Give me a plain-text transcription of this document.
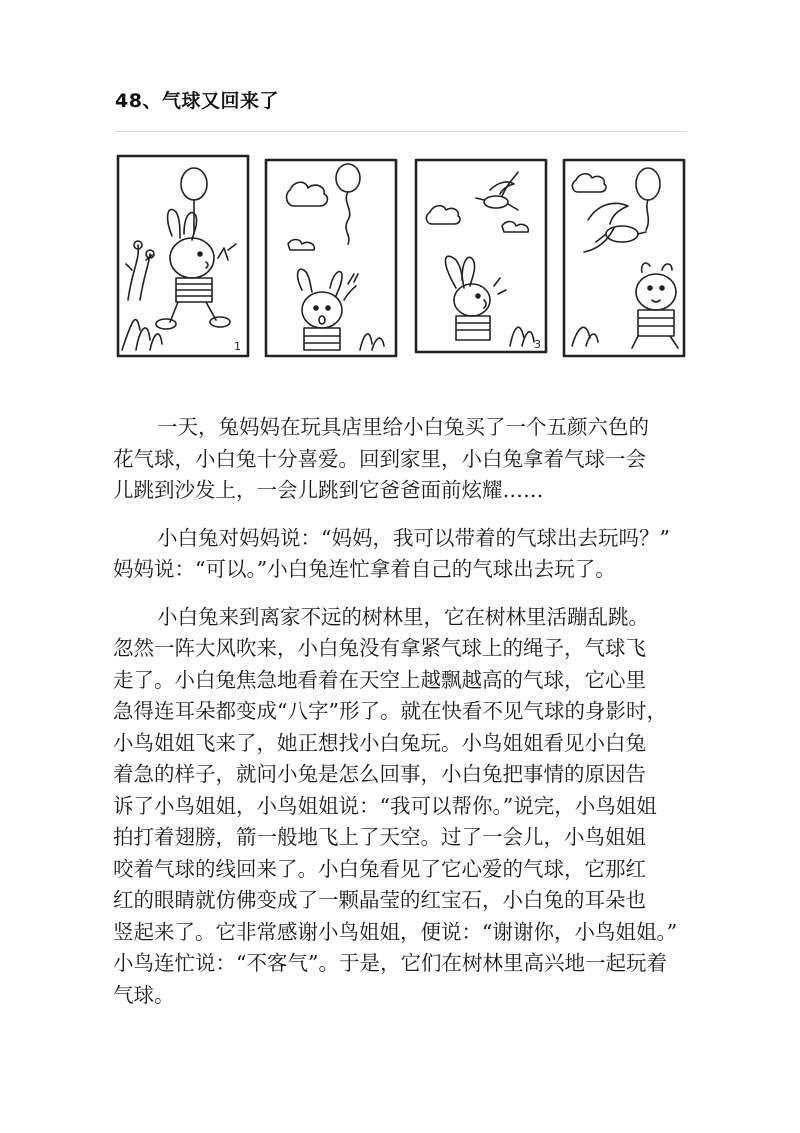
48、气球又回来了
1	3

一天，兔妈妈在玩具店里给小白兔买了一个五颜六色的
花气球，小白兔十分喜爱。回到家里，小白兔拿着气球一会
儿跳到沙发上，一会儿跳到它爸爸面前炫耀……

小白兔对妈妈说：“妈妈，我可以带着的气球出去玩吗？”
妈妈说：“可以。”小白兔连忙拿着自己的气球出去玩了。

小白兔来到离家不远的树林里，它在树林里活蹦乱跳。
忽然一阵大风吹来，小白兔没有拿紧气球上的绳子，气球飞
走了。小白兔焦急地看着在天空上越飘越高的气球，它心里
急得连耳朵都变成“八字”形了。就在快看不见气球的身影时，
小鸟姐姐飞来了，她正想找小白兔玩。小鸟姐姐看见小白兔
着急的样子，就问小兔是怎么回事，小白兔把事情的原因告
诉了小鸟姐姐，小鸟姐姐说：“我可以帮你。”说完，小鸟姐姐
拍打着翅膀，箭一般地飞上了天空。过了一会儿，小鸟姐姐
咬着气球的线回来了。小白兔看见了它心爱的气球，它那红
红的眼睛就仿佛变成了一颗晶莹的红宝石，小白兔的耳朵也
竖起来了。它非常感谢小鸟姐姐，便说：“谢谢你，小鸟姐姐。”
小鸟连忙说：“不客气”。于是，它们在树林里高兴地一起玩着
气球。
